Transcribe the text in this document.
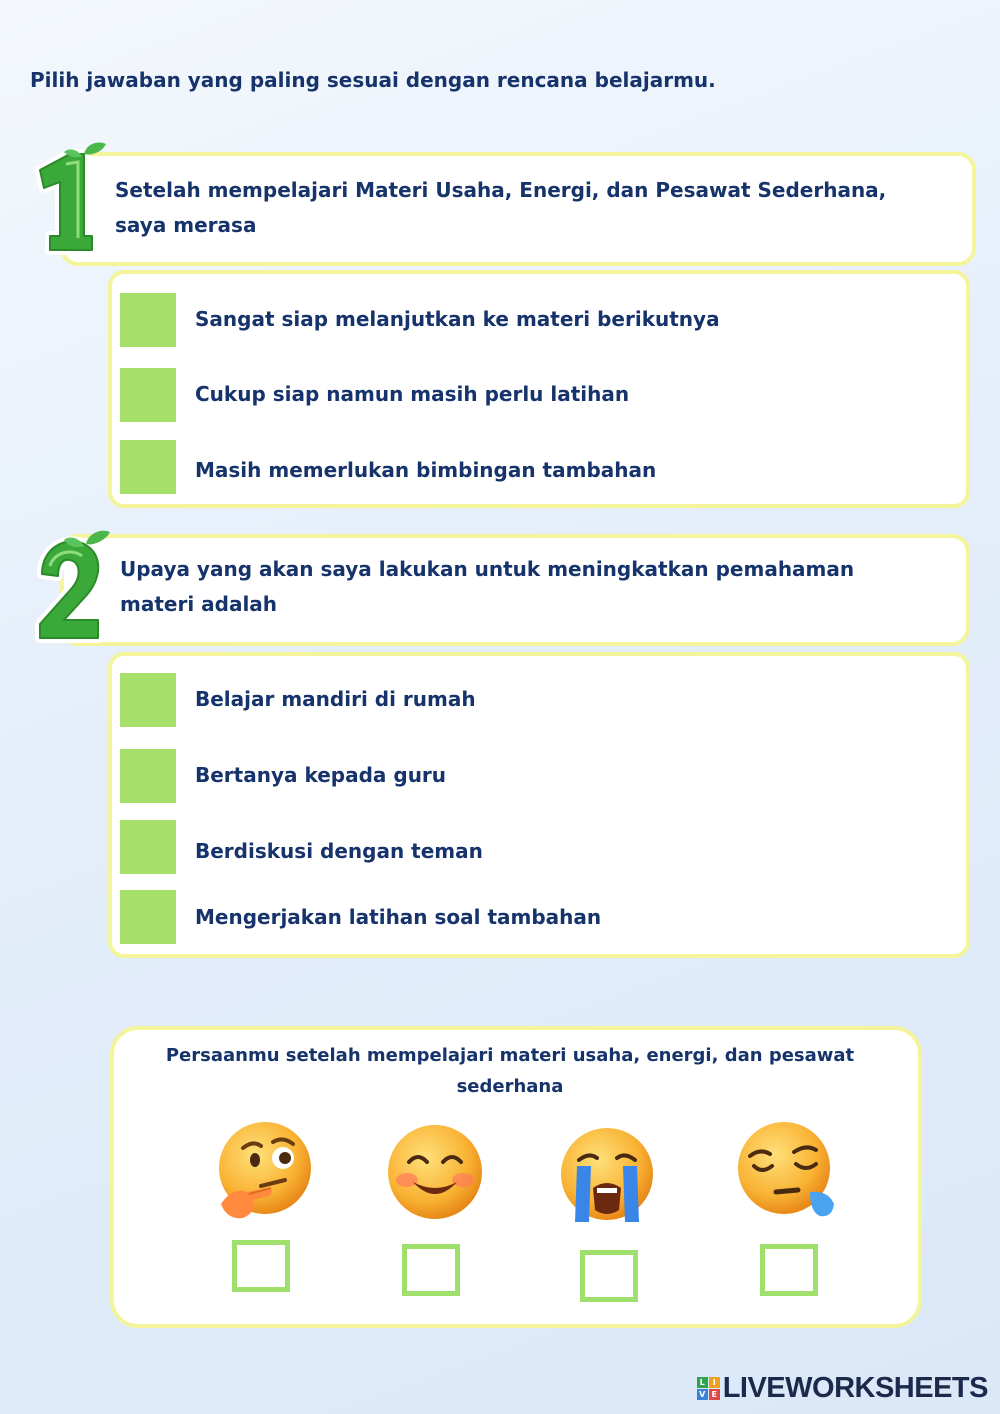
Pilih jawaban yang paling sesuai dengan rencana belajarmu.
Setelah mempelajari Materi Usaha, Energi, dan Pesawat Sederhana,
saya merasa
Sangat siap melanjutkan ke materi berikutnya
Cukup siap namun masih perlu latihan
Masih memerlukan bimbingan tambahan
Upaya yang akan saya lakukan untuk meningkatkan pemahaman
materi adalah
Belajar mandiri di rumah
Bertanya kepada guru
Berdiskusi dengan teman
Mengerjakan latihan soal tambahan
Persaanmu setelah mempelajari materi usaha, energi, dan pesawat
sederhana
L I
V E LIVEWORKSHEETS
